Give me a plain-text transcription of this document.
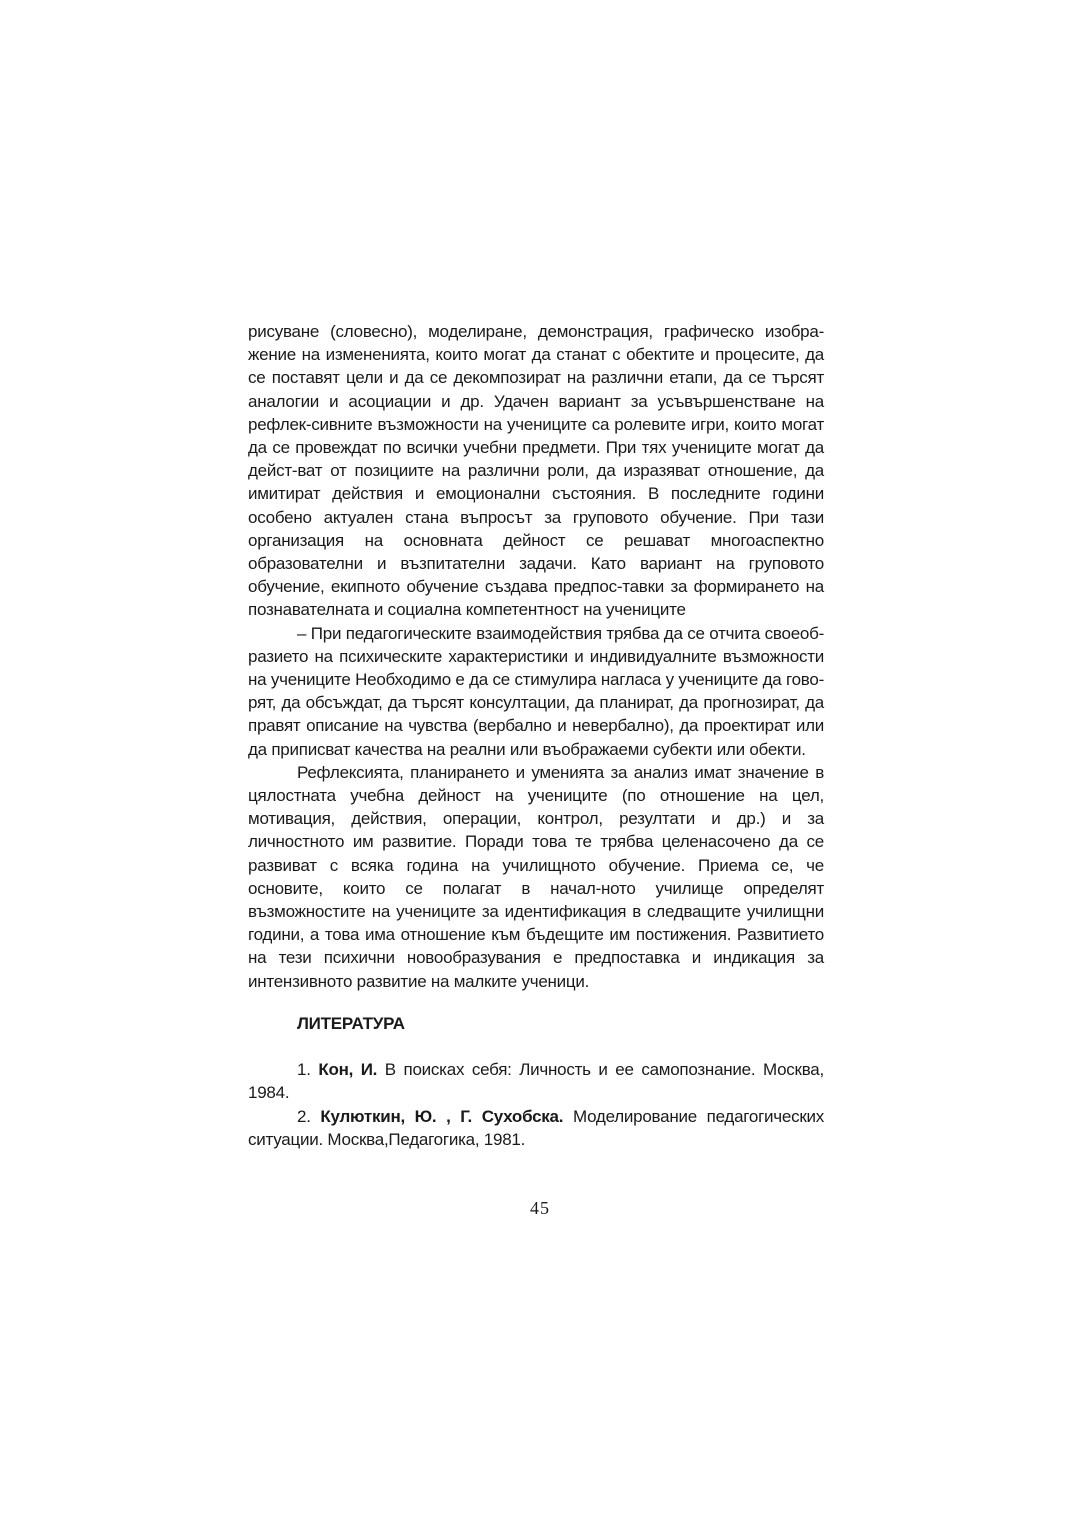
рисуване (словесно), моделиране, демонстрация, графическо изобра-жение на измененията, които могат да станат с обектите и процесите, да се поставят цели и да се декомпозират на различни етапи, да се търсят аналогии и асоциации и др. Удачен вариант за усъвършенстване на рефлек-сивните възможности на учениците са ролевите игри, които могат да се провеждат по всички учебни предмети. При тях учениците могат да дейст-ват от позициите на различни роли, да изразяват отношение, да имитират действия и емоционални състояния. В последните години особено актуален стана въпросът за груповото обучение. При тази организация на основната дейност се решават многоаспектно образователни и възпитателни задачи. Като вариант на груповото обучение, екипното обучение създава предпос-тавки за формирането на познавателната и социална компетентност на учениците

– При педагогическите взаимодействия трябва да се отчита своеоб-разието на психическите характеристики и индивидуалните възможности на учениците Необходимо е да се стимулира нагласа у учениците да гово-рят, да обсъждат, да търсят консултации, да планират, да прогнозират, да правят описание на чувства (вербално и невербално), да проектират или да приписват качества на реални или въображаеми субекти или обекти.

Рефлексията, планирането и уменията за анализ имат значение в цялостната учебна дейност на учениците (по отношение на цел, мотивация, действия, операции, контрол, резултати и др.) и за личностното им развитие. Поради това те трябва целенасочено да се развиват с всяка година на училищното обучение. Приема се, че основите, които се полагат в начал-ното училище определят възможностите на учениците за идентификация в следващите училищни години, а това има отношение към бъдещите им постижения. Развитието на тези психични новообразувания е предпоставка и индикация за интензивното развитие на малките ученици.

ЛИТЕРАТУРА

1. Кон, И. В поисках себя: Личность и ее самопознание. Москва, 1984.

2. Кулюткин, Ю. , Г. Сухобска. Моделирование педагогических ситуации. Москва,Педагогика, 1981.

45
